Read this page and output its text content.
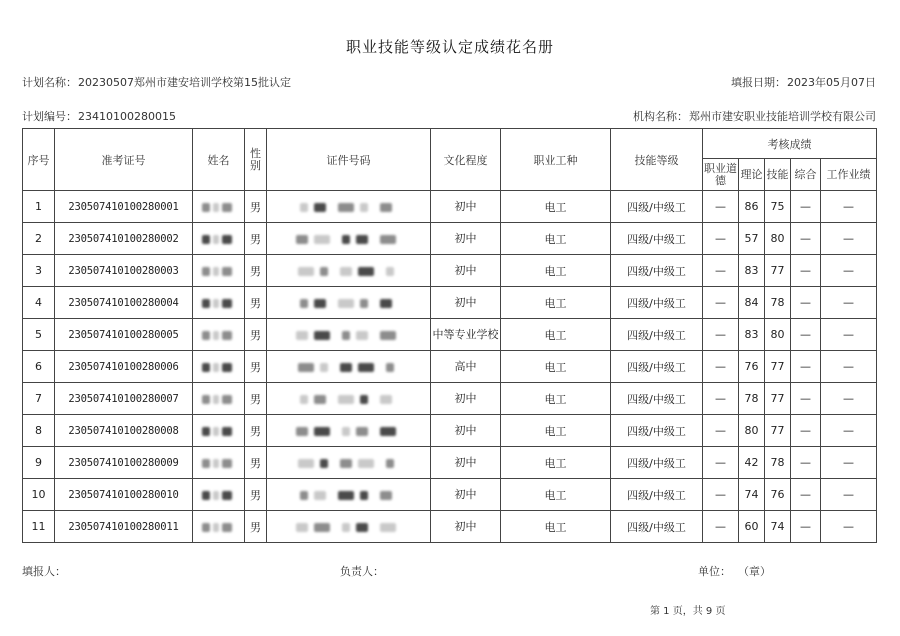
职业技能等级认定成绩花名册
计划名称：20230507郑州市建安培训学校第15批认定	填报日期：2023年05月07日
计划编号：23410100280015	机构名称：郑州市建安职业技能培训学校有限公司
序号	准考证号	姓名	性别	证件号码	文化程度	职业工种	技能等级	考核成绩				
								职业道德	理论	技能	综合	工作业绩
1	230507410100280001		男		初中	电工	四级/中级工	—	86	75	—	—
2	230507410100280002		男		初中	电工	四级/中级工	—	57	80	—	—
3	230507410100280003		男		初中	电工	四级/中级工	—	83	77	—	—
4	230507410100280004		男		初中	电工	四级/中级工	—	84	78	—	—
5	230507410100280005		男		中等专业学校	电工	四级/中级工	—	83	80	—	—
6	230507410100280006		男		高中	电工	四级/中级工	—	76	77	—	—
7	230507410100280007		男		初中	电工	四级/中级工	—	78	77	—	—
8	230507410100280008		男		初中	电工	四级/中级工	—	80	77	—	—
9	230507410100280009		男		初中	电工	四级/中级工	—	42	78	—	—
10	230507410100280010		男		初中	电工	四级/中级工	—	74	76	—	—
11	230507410100280011		男		初中	电工	四级/中级工	—	60	74	—	—
填报人：	负责人：	单位： （章）
第 1 页，共 9 页
